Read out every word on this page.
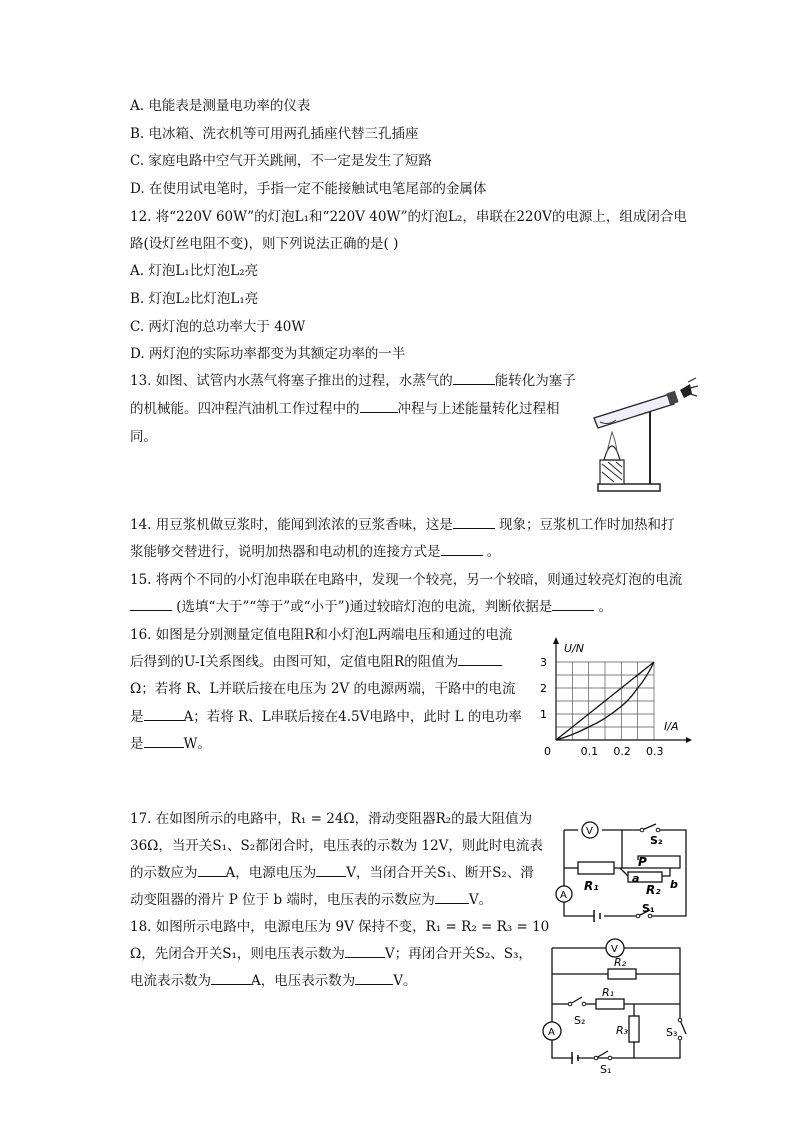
A. 电能表是测量电功率的仪表
B. 电冰箱、洗衣机等可用两孔插座代替三孔插座
C. 家庭电路中空气开关跳闸，不一定是发生了短路
D. 在使用试电笔时，手指一定不能接触试电笔尾部的金属体
12. 将“220V 60W”的灯泡L₁和“220V 40W”的灯泡L₂，串联在220V的电源上，组成闭合电
路(设灯丝电阻不变)，则下列说法正确的是( )
A. 灯泡L₁比灯泡L₂亮
B. 灯泡L₂比灯泡L₁亮
C. 两灯泡的总功率大于 40W
D. 两灯泡的实际功率都变为其额定功率的一半
13. 如图、试管内水蒸气将塞子推出的过程，水蒸气的	能转化为塞子
的机械能。四冲程汽油机工作过程中的	冲程与上述能量转化过程相
同。
14. 用豆浆机做豆浆时，能闻到浓浓的豆浆香味，这是	现象；豆浆机工作时加热和打
浆能够交替进行，说明加热器和电动机的连接方式是	。
15. 将两个不同的小灯泡串联在电路中，发现一个较亮，另一个较暗，则通过较亮灯泡的电流
(选填“大于”“等于”或“小于”)通过较暗灯泡的电流，判断依据是	。
16. 如图是分别测量定值电阻R和小灯泡L两端电压和通过的电流
后得到的U-I关系图线。由图可知，定值电阻R的阻值为
Ω；若将 R、L并联后接在电压为 2V 的电源两端，干路中的电流
是	A；若将 R、L串联后接在4.5V电路中，此时 L 的电功率
是	W。
U/N
I/A
0	0.1 0.2 0.3
1
2
3
17. 在如图所示的电路中，R₁ = 24Ω，滑动变阻器R₂的最大阻值为
36Ω，当开关S₁、S₂都闭合时，电压表的示数为 12V，则此时电流表
的示数应为 A，电源电压为 V，当闭合开关S₁、断开S₂、滑
动变阻器的滑片 P 位于 b 端时，电压表的示数应为	V。
V
A
S₂
S₁
R₁	R₂
P
a	b
18. 如图所示电路中，电源电压为 9V 保持不变，R₁ = R₂ = R₃ = 10
Ω，先闭合开关S₁，则电压表示数为	V；再闭合开关S₂、S₃，
电流表示数为	A，电压表示数为	V。
V
A
R₂
R₁
R₃
S₂
S₃
S₁
